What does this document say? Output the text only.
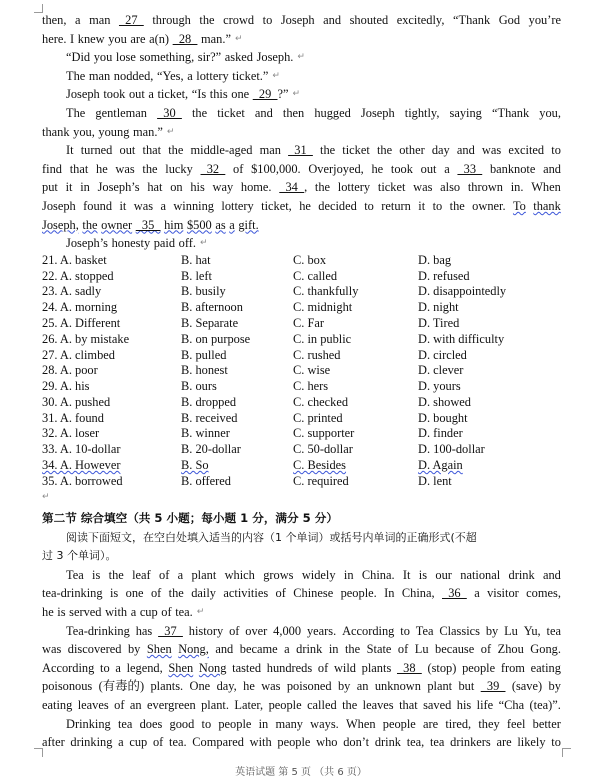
then, a man 27 through the crowd to Joseph and shouted excitedly, “Thank God you’re
here. I knew you are a(n) 28 man.” ↵
“Did you lose something, sir?” asked Joseph. ↵
The man nodded, “Yes, a lottery ticket.” ↵
Joseph took out a ticket, “Is this one 29  ?” ↵
The gentleman 30 the ticket and then hugged Joseph tightly, saying “Thank you,
thank you, young man.” ↵
It turned out that the middle-aged man 31 the ticket the other day and was excited to
find that he was the lucky 32 of $100,000. Overjoyed, he took out a 33 banknote and
put it in Joseph’s hat on his way home. 34  , the lottery ticket was also thrown in. When
Joseph found it was a winning lottery ticket, he decided to return it to the owner. To thank
Joseph, the owner 35 him $500 as a gift.
Joseph’s honesty paid off. ↵
21. A. basket	B. hat	C. box	D. bag
22. A. stopped	B. left	C. called	D. refused
23. A. sadly	B. busily	C. thankfully	D. disappointedly
24. A. morning	B. afternoon	C. midnight	D. night
25. A. Different	B. Separate	C. Far	D. Tired
26. A. by mistake	B. on purpose	C. in public	D. with difficulty
27. A. climbed	B. pulled	C. rushed	D. circled
28. A. poor	B. honest	C. wise	D. clever
29. A. his	B. ours	C. hers	D. yours
30. A. pushed	B. dropped	C. checked	D. showed
31. A. found	B. received	C. printed	D. bought
32. A. loser	B. winner	C. supporter	D. finder
33. A. 10-dollar	B. 20-dollar	C. 50-dollar	D. 100-dollar
34. A. However	B. So	C. Besides	D. Again
35. A. borrowed	B. offered	C. required	D. lent
↵
第二节 综合填空（共 5 小题；每小题 1 分，满分 5 分）
阅读下面短文，在空白处填入适当的内容（1 个单词）或括号内单词的正确形式(不超
过 3 个单词）。
Tea is the leaf of a plant which grows widely in China. It is our national drink and
tea-drinking is one of the daily activities of Chinese people. In China, 36 a visitor comes,
he is served with a cup of tea. ↵
Tea-drinking has 37 history of over 4,000 years. According to Tea Classics by Lu Yu, tea
was discovered by Shen Nong, and became a drink in the State of Lu because of Zhou Gong.
According to a legend, Shen Nong tasted hundreds of wild plants 38 (stop) people from eating
poisonous (有毒的) plants. One day, he was poisoned by an unknown plant but 39 (save) by
eating leaves of an evergreen plant. Later, people called the leaves that saved his life “Cha (tea)”.
Drinking tea does good to people in many ways. When people are tired, they feel better
after drinking a cup of tea. Compared with people who don’t drink tea, tea drinkers are likely to
英语试题 第 5 页 （共 6 页）
